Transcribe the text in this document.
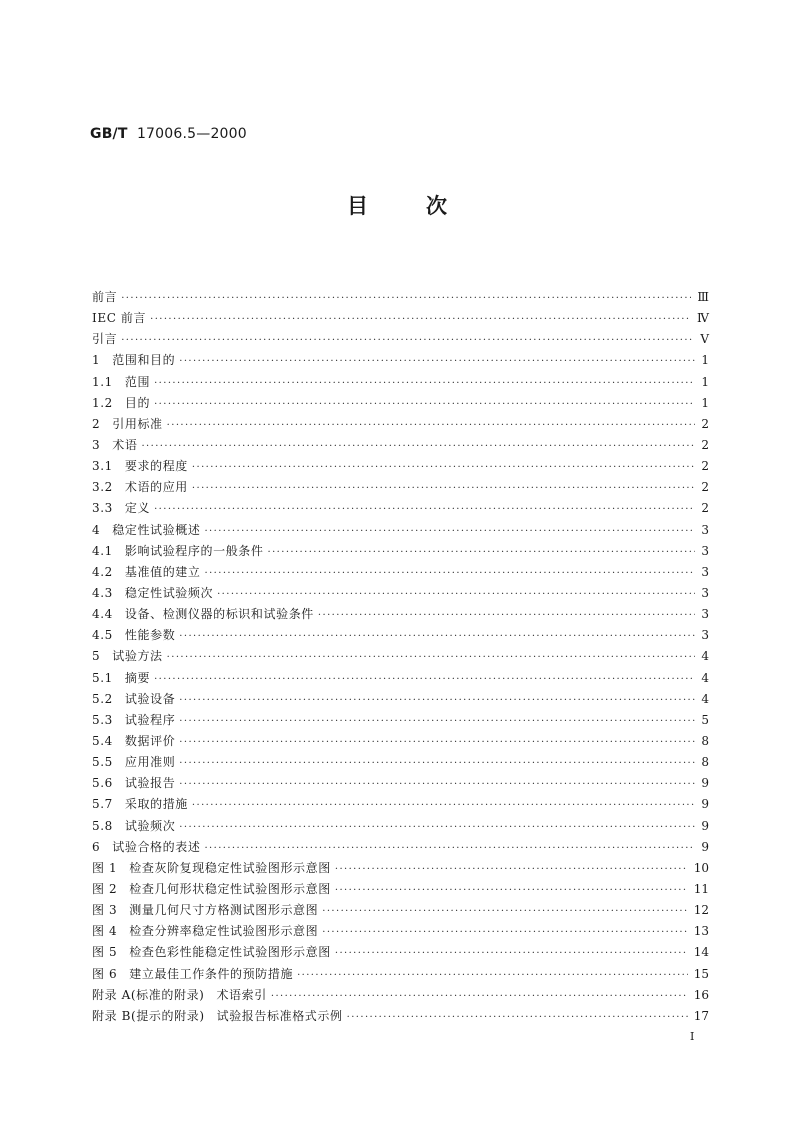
GB/T 17006.5—2000
目	次
前言 ·····	Ⅲ
IEC 前言 ·····	Ⅳ
引言 ·····	Ⅴ
1 范围和目的 ·····	1
1.1 范围 ·····	1
1.2 目的 ·····	1
2 引用标准 ·····	2
3 术语 ·····	2
3.1 要求的程度 ·····	2
3.2 术语的应用 ·····	2
3.3 定义 ·····	2
4 稳定性试验概述 ·····	3
4.1 影响试验程序的一般条件 ·····	3
4.2 基准值的建立 ·····	3
4.3 稳定性试验频次 ·····	3
4.4 设备、检测仪器的标识和试验条件 ·····	3
4.5 性能参数 ·····	3
5 试验方法 ·····	4
5.1 摘要 ·····	4
5.2 试验设备 ·····	4
5.3 试验程序 ·····	5
5.4 数据评价 ·····	8
5.5 应用准则 ·····	8
5.6 试验报告 ·····	9
5.7 采取的措施 ·····	9
5.8 试验频次 ·····	9
6 试验合格的表述 ·····	9
图 1 检查灰阶复现稳定性试验图形示意图 ·····	10
图 2 检查几何形状稳定性试验图形示意图 ·····	11
图 3 测量几何尺寸方格测试图形示意图 ·····	12
图 4 检查分辨率稳定性试验图形示意图 ·····	13
图 5 检查色彩性能稳定性试验图形示意图 ·····	14
图 6 建立最佳工作条件的预防措施 ·····	15
附录 A(标准的附录) 术语索引 ·····	16
附录 B(提示的附录) 试验报告标准格式示例 ·····	17
I
